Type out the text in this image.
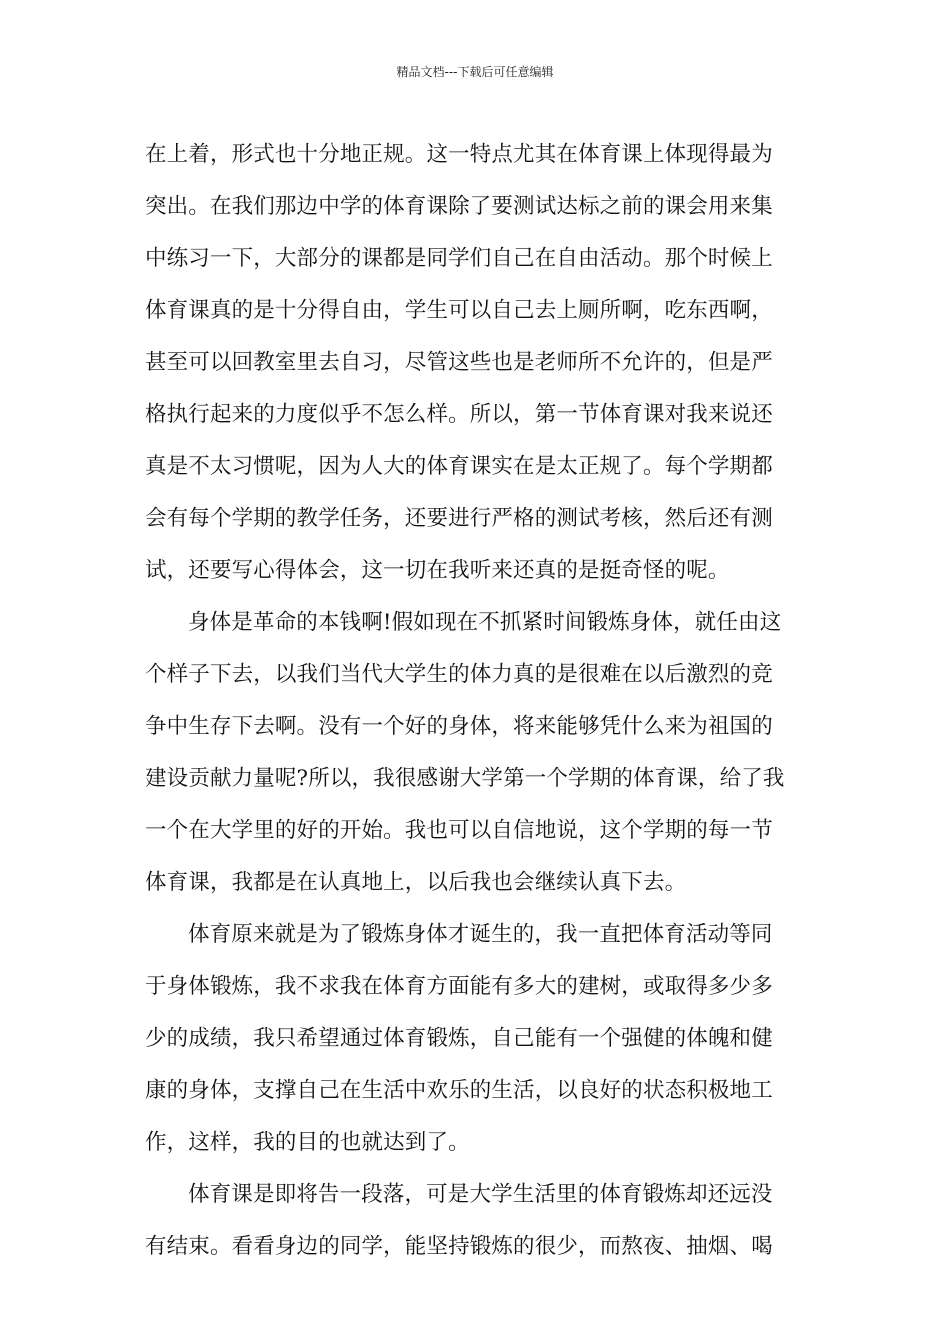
精品文档---下载后可任意编辑
在上着，形式也十分地正规。这一特点尤其在体育课上体现得最为
突出。在我们那边中学的体育课除了要测试达标之前的课会用来集
中练习一下，大部分的课都是同学们自己在自由活动。那个时候上
体育课真的是十分得自由，学生可以自己去上厕所啊，吃东西啊，
甚至可以回教室里去自习，尽管这些也是老师所不允许的，但是严
格执行起来的力度似乎不怎么样。所以，第一节体育课对我来说还
真是不太习惯呢，因为人大的体育课实在是太正规了。每个学期都
会有每个学期的教学任务，还要进行严格的测试考核，然后还有测
试，还要写心得体会，这一切在我听来还真的是挺奇怪的呢。
身体是革命的本钱啊!假如现在不抓紧时间锻炼身体，就任由这
个样子下去，以我们当代大学生的体力真的是很难在以后激烈的竞
争中生存下去啊。没有一个好的身体，将来能够凭什么来为祖国的
建设贡献力量呢?所以，我很感谢大学第一个学期的体育课，给了我
一个在大学里的好的开始。我也可以自信地说，这个学期的每一节
体育课，我都是在认真地上，以后我也会继续认真下去。
体育原来就是为了锻炼身体才诞生的，我一直把体育活动等同
于身体锻炼，我不求我在体育方面能有多大的建树，或取得多少多
少的成绩，我只希望通过体育锻炼，自己能有一个强健的体魄和健
康的身体，支撑自己在生活中欢乐的生活，以良好的状态积极地工
作，这样，我的目的也就达到了。
体育课是即将告一段落，可是大学生活里的体育锻炼却还远没
有结束。看看身边的同学，能坚持锻炼的很少，而熬夜、抽烟、喝
